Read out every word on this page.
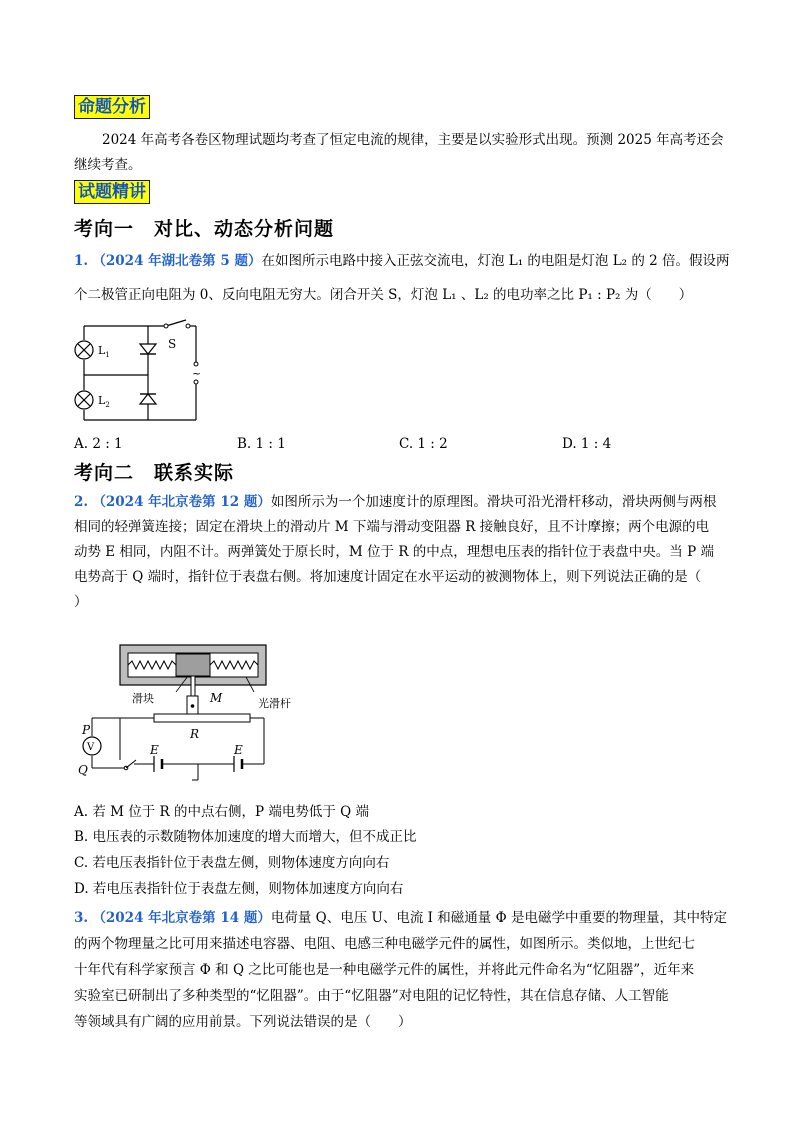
命题分析
2024 年高考各卷区物理试题均考查了恒定电流的规律，主要是以实验形式出现。预测 2025 年高考还会继续考查。
试题精讲
考向一　对比、动态分析问题
1. （2024 年湖北卷第 5 题）在如图所示电路中接入正弦交流电，灯泡 L₁ 的电阻是灯泡 L₂ 的 2 倍。假设两
个二极管正向电阻为 0、反向电阻无穷大。闭合开关 S，灯泡 L₁ 、L₂ 的电功率之比 P₁ : P₂ 为（　　）
S
~
$L_1$
$L_2$
A. 2 : 1	B. 1 : 1	C. 1 : 2	D. 1 : 4
考向二　联系实际
2. （2024 年北京卷第 12 题）如图所示为一个加速度计的原理图。滑块可沿光滑杆移动，滑块两侧与两根
相同的轻弹簧连接；固定在滑块上的滑动片 M 下端与滑动变阻器 R 接触良好，且不计摩擦；两个电源的电
动势 E 相同，内阻不计。两弹簧处于原长时，M 位于 R 的中点，理想电压表的指针位于表盘中央。当 P 端
电势高于 Q 端时，指针位于表盘右侧。将加速度计固定在水平运动的被测物体上，则下列说法正确的是（
）
V
滑块	M	光滑杆
R
P
Q
E	E
A. 若 M 位于 R 的中点右侧，P 端电势低于 Q 端
B. 电压表的示数随物体加速度的增大而增大，但不成正比
C. 若电压表指针位于表盘左侧，则物体速度方向向右
D. 若电压表指针位于表盘左侧，则物体加速度方向向右
3. （2024 年北京卷第 14 题）电荷量 Q、电压 U、电流 I 和磁通量 Φ 是电磁学中重要的物理量，其中特定
的两个物理量之比可用来描述电容器、电阻、电感三种电磁学元件的属性，如图所示。类似地，上世纪七
十年代有科学家预言 Φ 和 Q 之比可能也是一种电磁学元件的属性，并将此元件命名为“忆阻器”，近年来
实验室已研制出了多种类型的“忆阻器”。由于“忆阻器”对电阻的记忆特性，其在信息存储、人工智能
等领域具有广阔的应用前景。下列说法错误的是（　　）
